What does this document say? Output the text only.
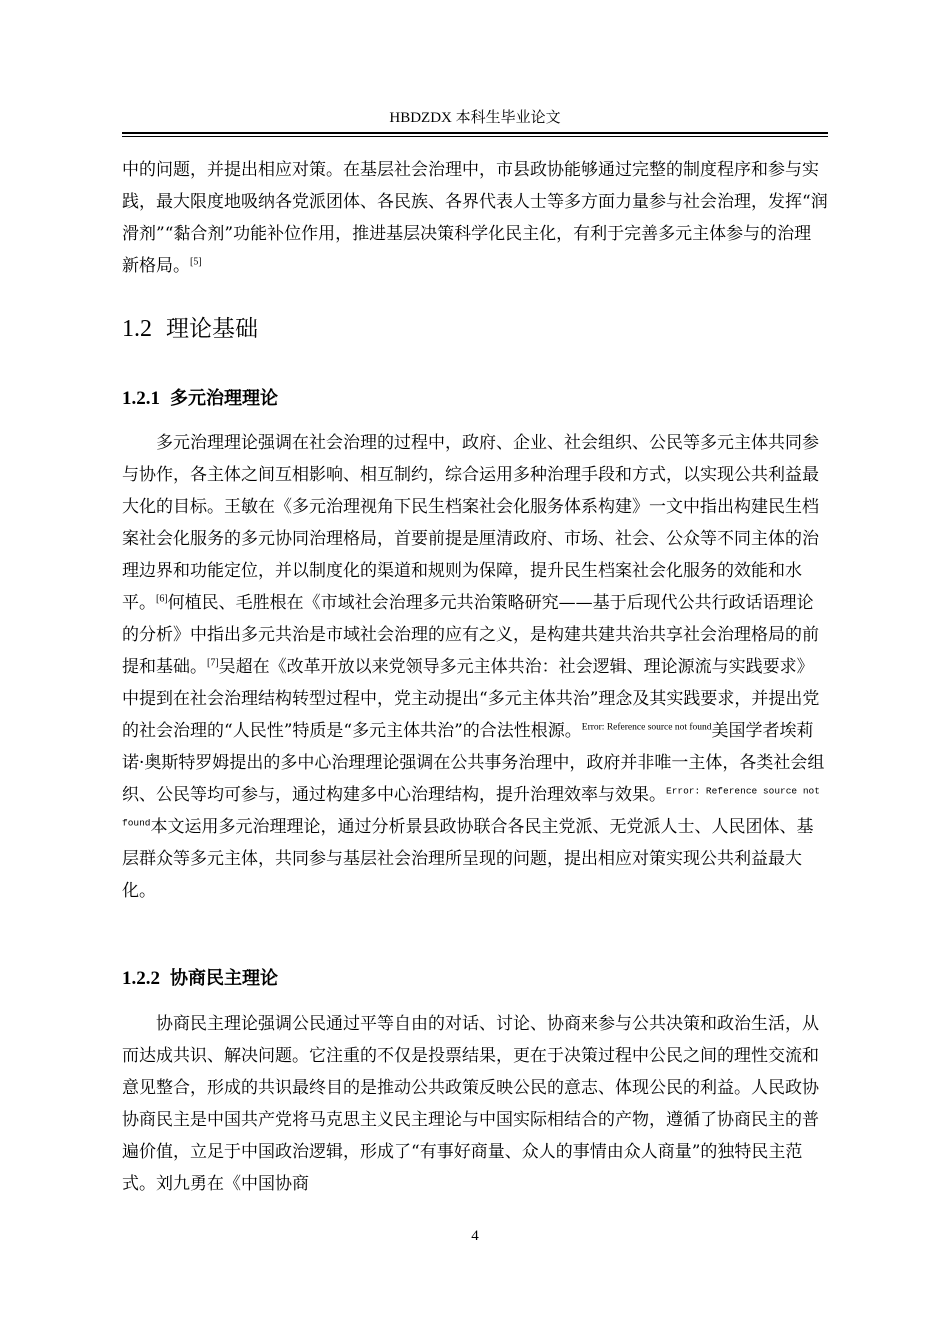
HBDZDX 本科生毕业论文

中的问题，并提出相应对策。在基层社会治理中，市县政协能够通过完整的制度程序和参与实践，最大限度地吸纳各党派团体、各民族、各界代表人士等多方面力量参与社会治理，发挥“润滑剂”“黏合剂”功能补位作用，推进基层决策科学化民主化，有利于完善多元主体参与的治理新格局。[5]

1.2 理论基础
1.2.1 多元治理理论

多元治理理论强调在社会治理的过程中，政府、企业、社会组织、公民等多元主体共同参与协作，各主体之间互相影响、相互制约，综合运用多种治理手段和方式，以实现公共利益最大化的目标。王敏在《多元治理视角下民生档案社会化服务体系构建》一文中指出构建民生档案社会化服务的多元协同治理格局，首要前提是厘清政府、市场、社会、公众等不同主体的治理边界和功能定位，并以制度化的渠道和规则为保障，提升民生档案社会化服务的效能和水平。[6]何植民、毛胜根在《市域社会治理多元共治策略研究——基于后现代公共行政话语理论的分析》中指出多元共治是市域社会治理的应有之义，是构建共建共治共享社会治理格局的前提和基础。[7]吴超在《改革开放以来党领导多元主体共治：社会逻辑、理论源流与实践要求》中提到在社会治理结构转型过程中，党主动提出“多元主体共治”理念及其实践要求，并提出党的社会治理的“人民性”特质是“多元主体共治”的合法性根源。$^{Error: Reference source not found}$美国学者埃莉诺·奥斯特罗姆提出的多中心治理理论强调在公共事务治理中，政府并非唯一主体，各类社会组织、公民等均可参与，通过构建多中心治理结构，提升治理效率与效果。$^{Error: Reference source not found}$本文运用多元治理理论，通过分析景县政协联合各民主党派、无党派人士、人民团体、基层群众等多元主体，共同参与基层社会治理所呈现的问题，提出相应对策实现公共利益最大化。

1.2.2 协商民主理论

协商民主理论强调公民通过平等自由的对话、讨论、协商来参与公共决策和政治生活，从而达成共识、解决问题。它注重的不仅是投票结果，更在于决策过程中公民之间的理性交流和意见整合，形成的共识最终目的是推动公共政策反映公民的意志、体现公民的利益。人民政协协商民主是中国共产党将马克思主义民主理论与中国实际相结合的产物，遵循了协商民主的普遍价值，立足于中国政治逻辑，形成了“有事好商量、众人的事情由众人商量”的独特民主范式。刘九勇在《中国协商

4
